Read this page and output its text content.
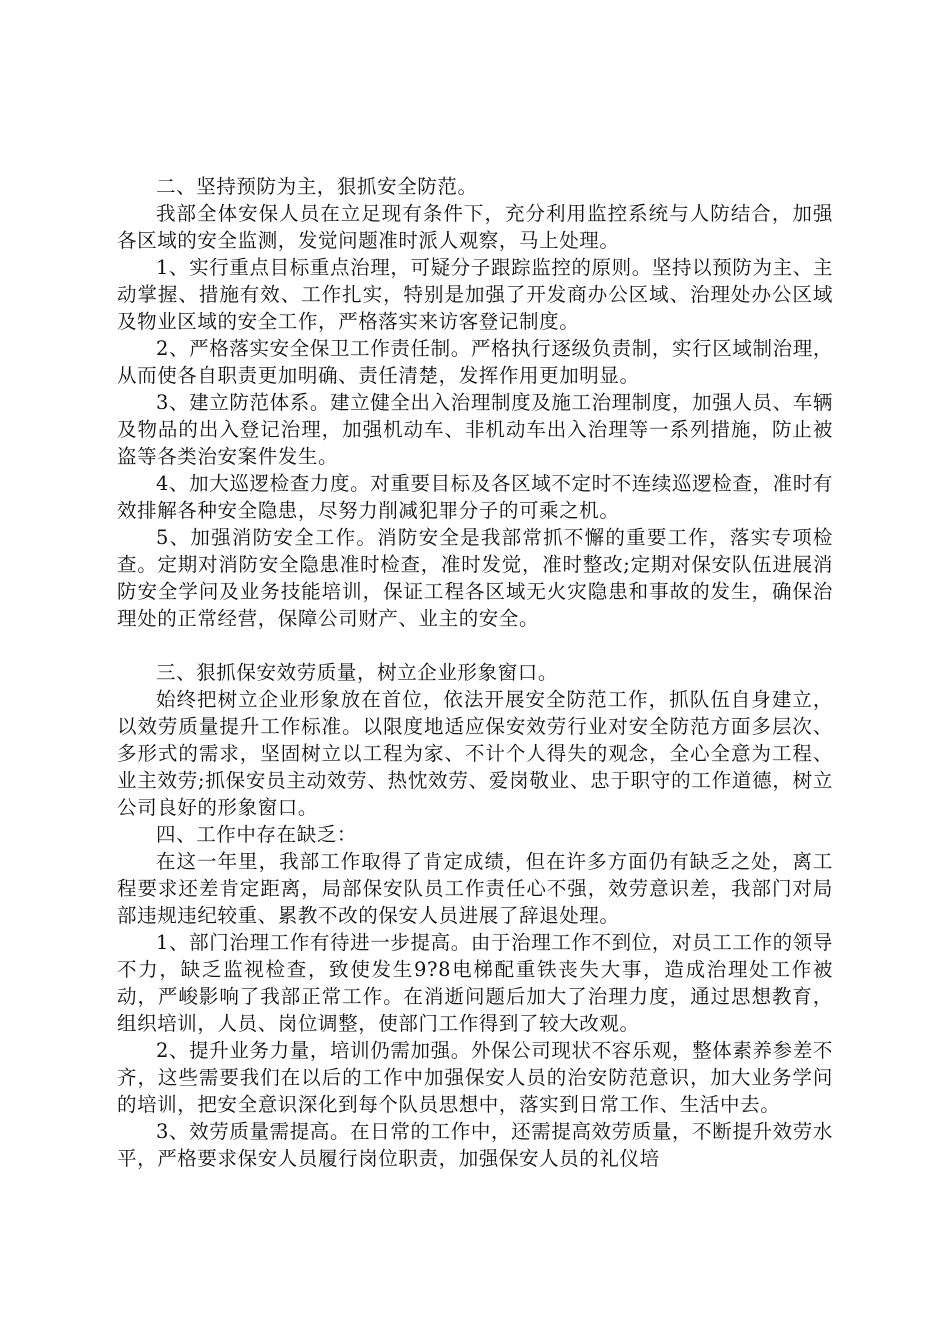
二、坚持预防为主，狠抓安全防范。

我部全体安保人员在立足现有条件下，充分利用监控系统与人防结合，加强各区域的安全监测，发觉问题准时派人观察，马上处理。

1、实行重点目标重点治理，可疑分子跟踪监控的原则。坚持以预防为主、主动掌握、措施有效、工作扎实，特别是加强了开发商办公区域、治理处办公区域及物业区域的安全工作，严格落实来访客登记制度。

2、严格落实安全保卫工作责任制。严格执行逐级负责制，实行区域制治理，从而使各自职责更加明确、责任清楚，发挥作用更加明显。

3、建立防范体系。建立健全出入治理制度及施工治理制度，加强人员、车辆及物品的出入登记治理，加强机动车、非机动车出入治理等一系列措施，防止被盗等各类治安案件发生。

4、加大巡逻检查力度。对重要目标及各区域不定时不连续巡逻检查，准时有效排解各种安全隐患，尽努力削减犯罪分子的可乘之机。

5、加强消防安全工作。消防安全是我部常抓不懈的重要工作，落实专项检查。定期对消防安全隐患准时检查，准时发觉，准时整改;定期对保安队伍进展消防安全学问及业务技能培训，保证工程各区域无火灾隐患和事故的发生，确保治理处的正常经营，保障公司财产、业主的安全。

三、狠抓保安效劳质量，树立企业形象窗口。

始终把树立企业形象放在首位，依法开展安全防范工作，抓队伍自身建立，以效劳质量提升工作标准。以限度地适应保安效劳行业对安全防范方面多层次、多形式的需求，坚固树立以工程为家、不计个人得失的观念，全心全意为工程、业主效劳;抓保安员主动效劳、热忱效劳、爱岗敬业、忠于职守的工作道德，树立公司良好的形象窗口。

四、工作中存在缺乏：

在这一年里，我部工作取得了肯定成绩，但在许多方面仍有缺乏之处，离工程要求还差肯定距离，局部保安队员工作责任心不强，效劳意识差，我部门对局部违规违纪较重、累教不改的保安人员进展了辞退处理。

1、部门治理工作有待进一步提高。由于治理工作不到位，对员工工作的领导不力，缺乏监视检查，致使发生9?8电梯配重铁丧失大事，造成治理处工作被动，严峻影响了我部正常工作。在消逝问题后加大了治理力度，通过思想教育，组织培训，人员、岗位调整，使部门工作得到了较大改观。

2、提升业务力量，培训仍需加强。外保公司现状不容乐观，整体素养参差不齐，这些需要我们在以后的工作中加强保安人员的治安防范意识，加大业务学问的培训，把安全意识深化到每个队员思想中，落实到日常工作、生活中去。

3、效劳质量需提高。在日常的工作中，还需提高效劳质量，不断提升效劳水平，严格要求保安人员履行岗位职责，加强保安人员的礼仪培
